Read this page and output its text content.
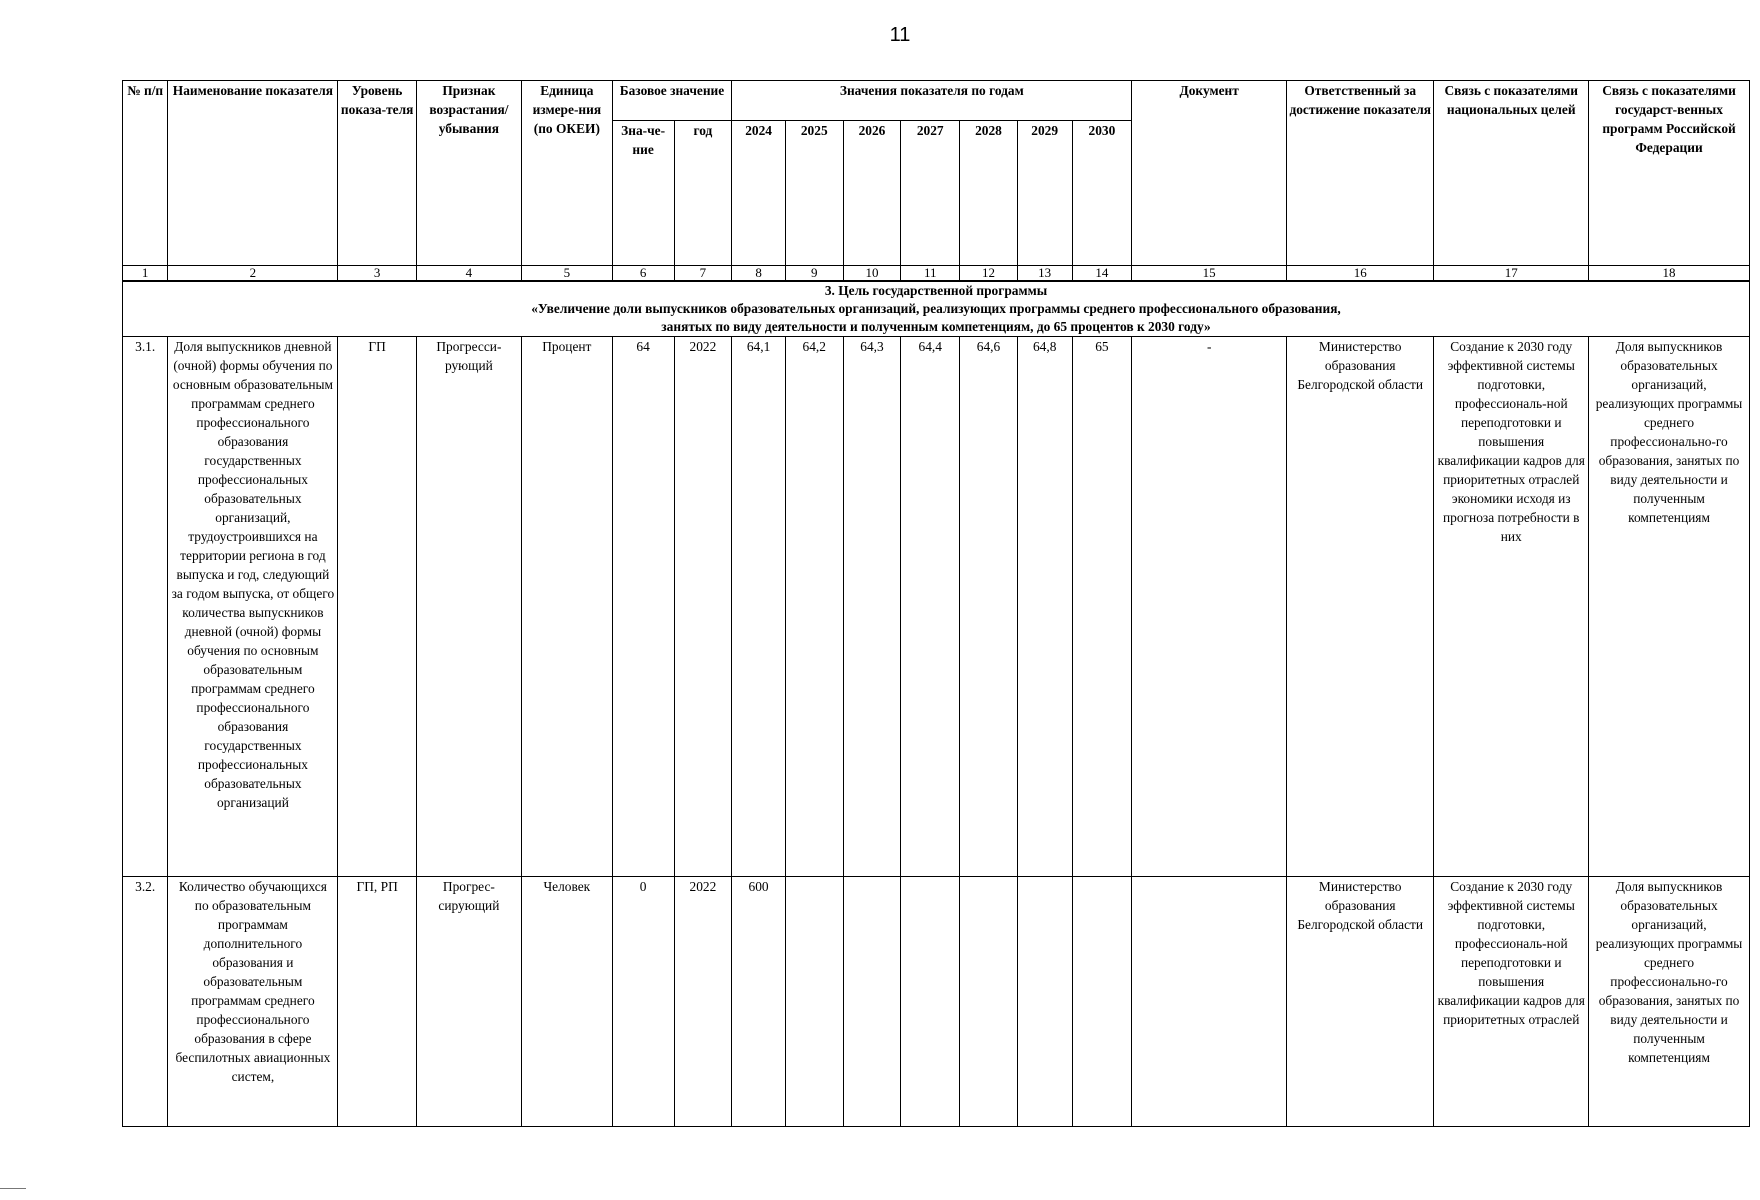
11
№ п/п	Наименование показателя	Уровень показа-теля	Признак возрастания/ убывания	Единица измере-ния (по ОКЕИ)	Базовое значение		Значения показателя по годам							Документ	Ответственный за достижение показателя	Связь с показателями национальных целей	Связь с показателями государст-венных программ Российской Федерации
					Зна-че-ние	год	2024	2025	2026	2027	2028	2029	2030				
1	2	3	4	5	6	7	8	9	10	11	12	13	14	15	16	17	18

3. Цель государственной программы
«Увеличение доли выпускников образовательных организаций, реализующих программы среднего профессионального образования,
занятых по виду деятельности и полученным компетенциям, до 65 процентов к 2030 году»																	

3.1.	Доля выпускников дневной (очной) формы обучения по основным образовательным программам среднего профессионального образования государственных профессиональных образовательных организаций, трудоустроившихся на территории региона в год выпуска и год, следующий за годом выпуска, от общего количества выпускников дневной (очной) формы обучения по основным образовательным программам среднего профессионального образования государственных профессиональных образовательных организаций	ГП	Прогресси-рующий	Процент	64	2022	64,1	64,2	64,3	64,4	64,6	64,8	65	-	Министерство образования Белгородской области	Создание к 2030 году эффективной системы подготовки, профессиональ-ной переподготовки и повышения квалификации кадров для приоритетных отраслей экономики исходя из прогноза потребности в них	Доля выпускников образовательных организаций, реализующих программы среднего профессионально-го образования, занятых по виду деятельности и полученным компетенциям
3.2.	Количество обучающихся по образовательным программам дополнительного образования и образовательным программам среднего профессионального образования в сфере беспилотных авиационных систем,	ГП, РП	Прогрес-сирующий	Человек	0	2022	600								Министерство образования Белгородской области	Создание к 2030 году эффективной системы подготовки, профессиональ-ной переподготовки и повышения квалификации кадров для приоритетных отраслей	Доля выпускников образовательных организаций, реализующих программы среднего профессионально-го образования, занятых по виду деятельности и полученным компетенциям
